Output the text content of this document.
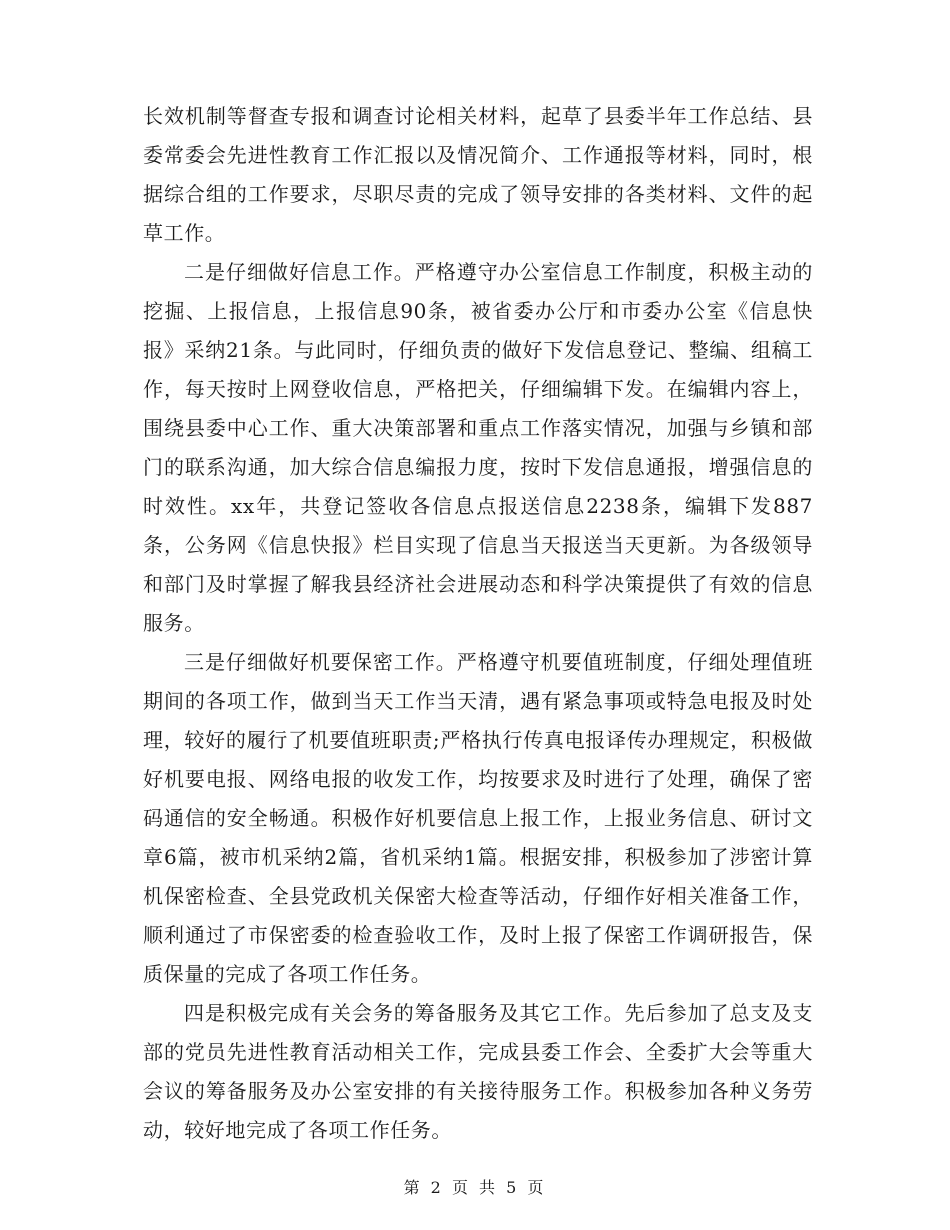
长效机制等督查专报和调查讨论相关材料，起草了县委半年工作总结、县委常委会先进性教育工作汇报以及情况简介、工作通报等材料，同时，根据综合组的工作要求，尽职尽责的完成了领导安排的各类材料、文件的起草工作。

二是仔细做好信息工作。严格遵守办公室信息工作制度，积极主动的挖掘、上报信息，上报信息90条，被省委办公厅和市委办公室《信息快报》采纳21条。与此同时，仔细负责的做好下发信息登记、整编、组稿工作，每天按时上网登收信息，严格把关，仔细编辑下发。在编辑内容上，围绕县委中心工作、重大决策部署和重点工作落实情况，加强与乡镇和部门的联系沟通，加大综合信息编报力度，按时下发信息通报，增强信息的时效性。xx年，共登记签收各信息点报送信息2238条，编辑下发887条，公务网《信息快报》栏目实现了信息当天报送当天更新。为各级领导和部门及时掌握了解我县经济社会进展动态和科学决策提供了有效的信息服务。

三是仔细做好机要保密工作。严格遵守机要值班制度，仔细处理值班期间的各项工作，做到当天工作当天清，遇有紧急事项或特急电报及时处理，较好的履行了机要值班职责;严格执行传真电报译传办理规定，积极做好机要电报、网络电报的收发工作，均按要求及时进行了处理，确保了密码通信的安全畅通。积极作好机要信息上报工作，上报业务信息、研讨文章6篇，被市机采纳2篇，省机采纳1篇。根据安排，积极参加了涉密计算机保密检查、全县党政机关保密大检查等活动，仔细作好相关准备工作，顺利通过了市保密委的检查验收工作，及时上报了保密工作调研报告，保质保量的完成了各项工作任务。

四是积极完成有关会务的筹备服务及其它工作。先后参加了总支及支部的党员先进性教育活动相关工作，完成县委工作会、全委扩大会等重大会议的筹备服务及办公室安排的有关接待服务工作。积极参加各种义务劳动，较好地完成了各项工作任务。

第 2 页 共 5 页
